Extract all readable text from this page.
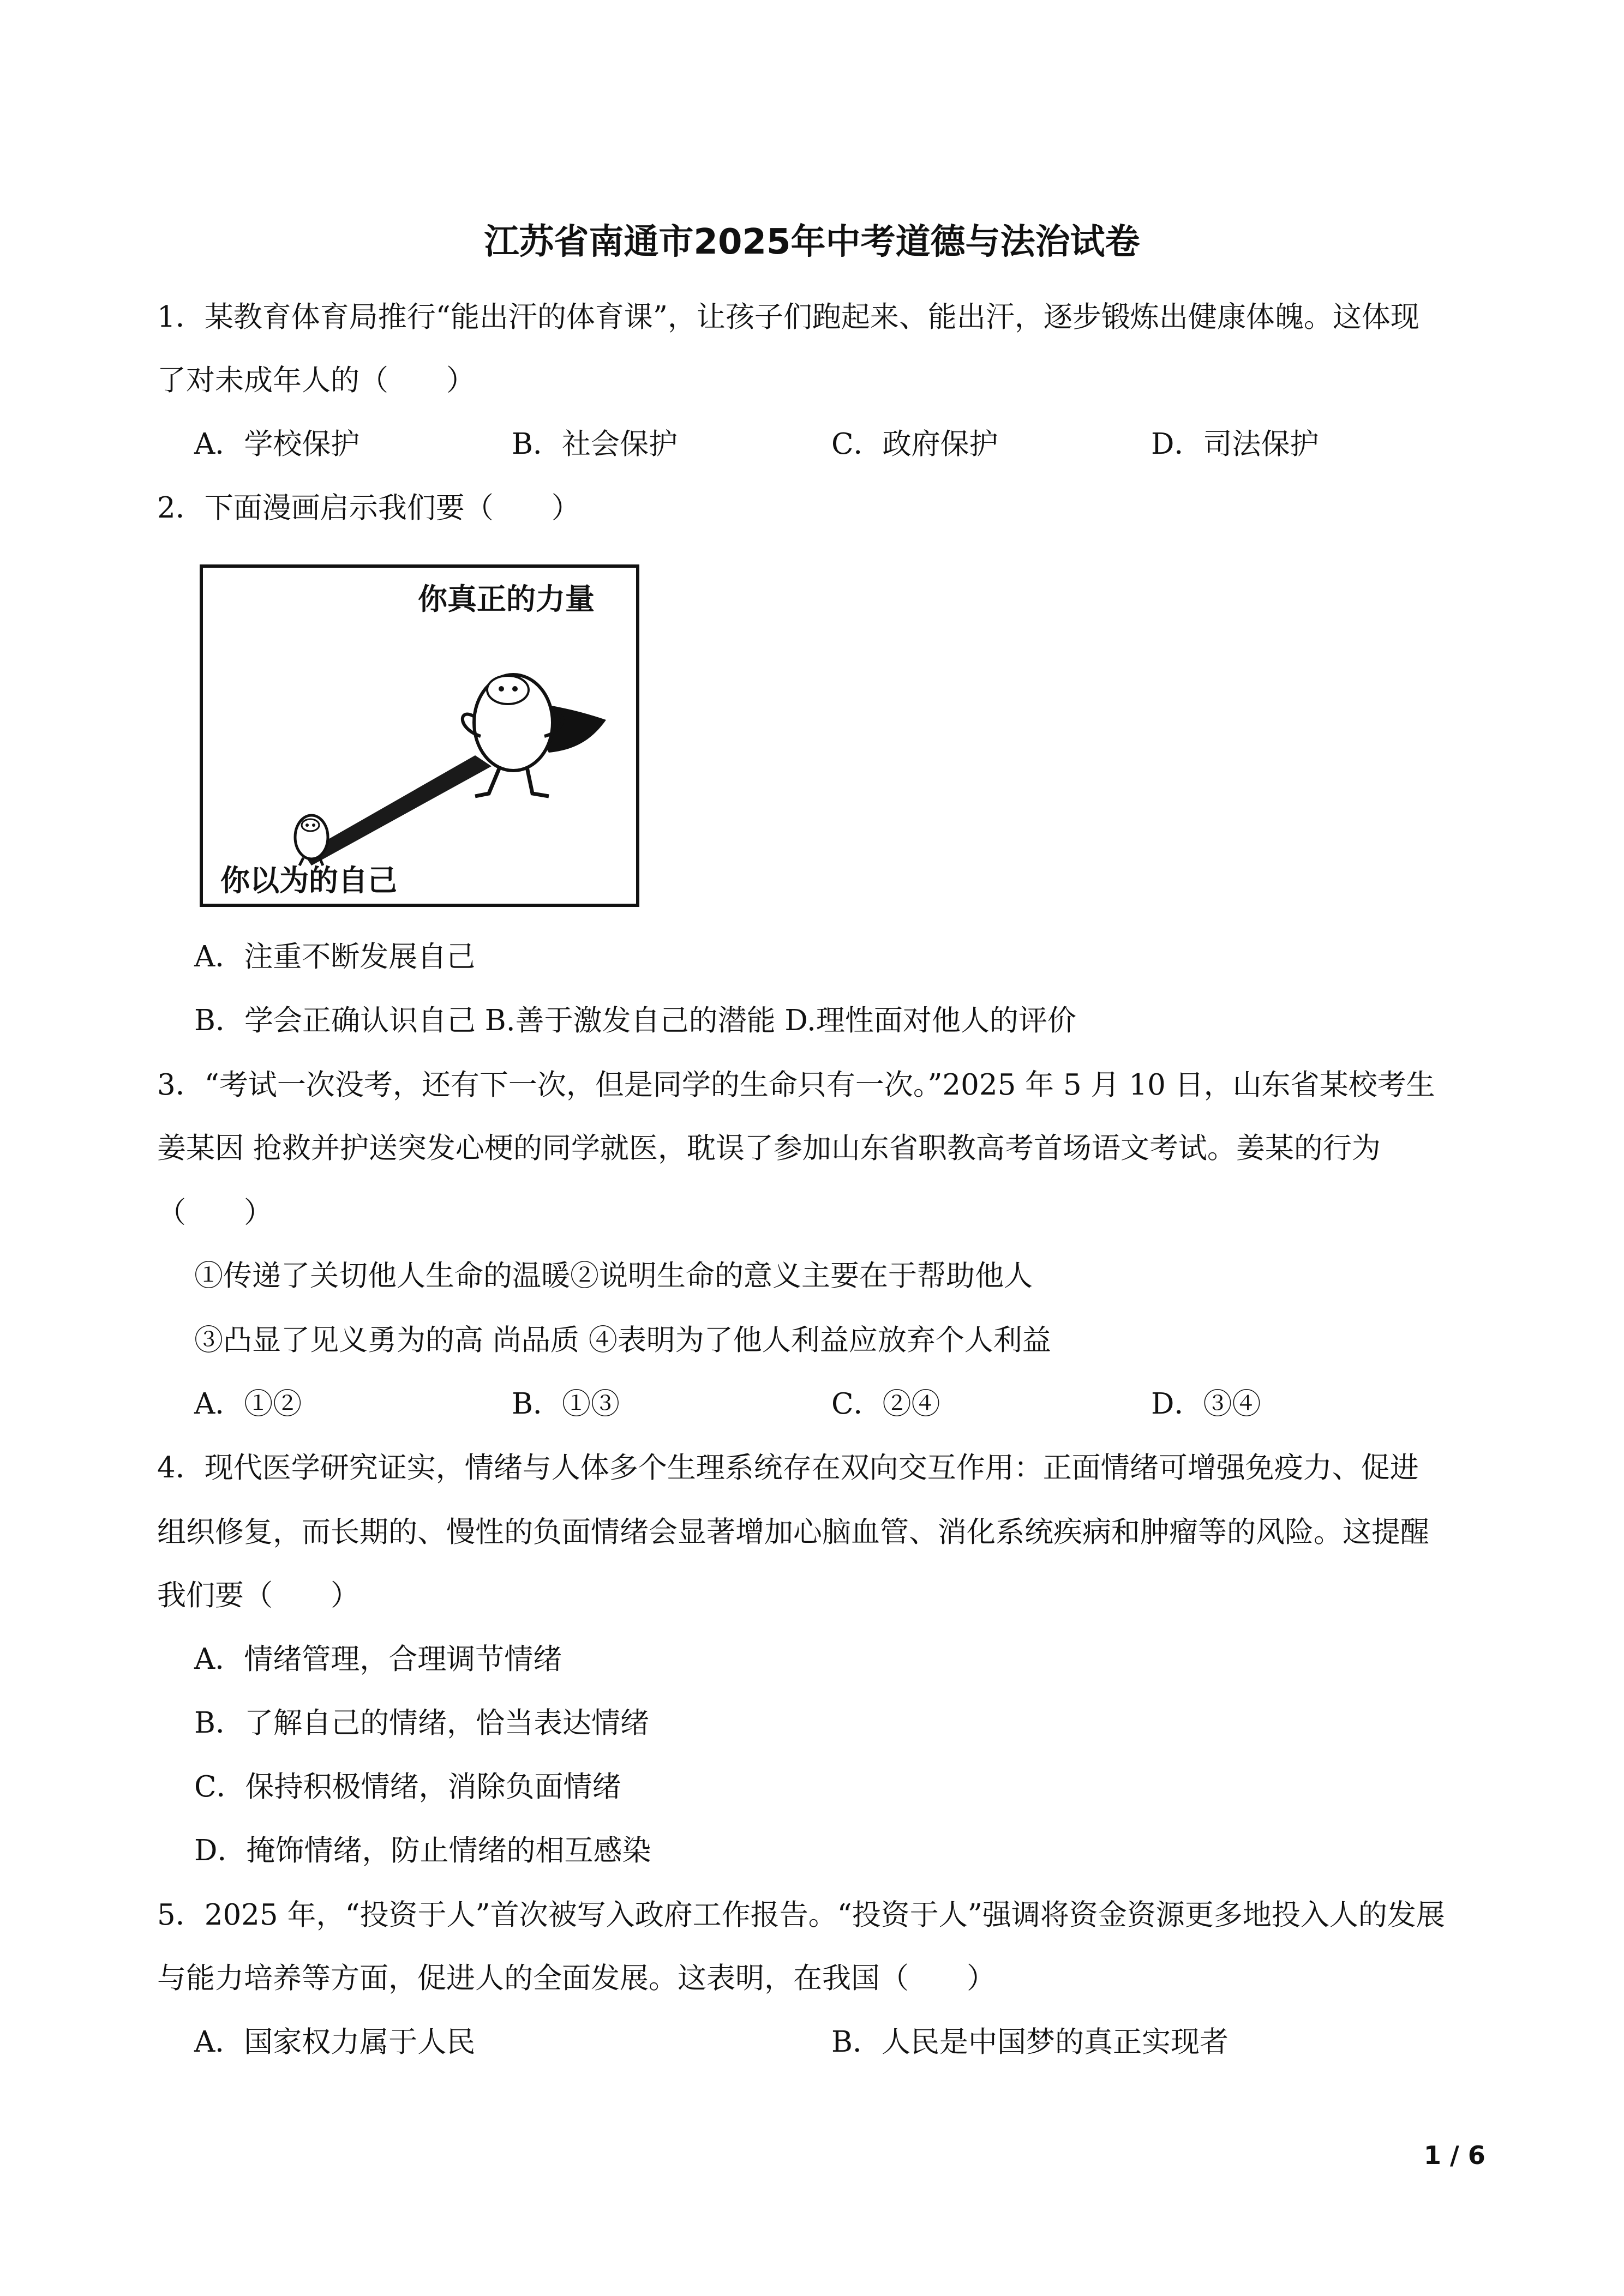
江苏省南通市2025年中考道德与法治试卷
1．某教育体育局推行“能出汗的体育课”，让孩子们跑起来、能出汗，逐步锻炼出健康体魄。这体现
了对未成年人的（　　）
A．学校保护	B．社会保护	C．政府保护	D．司法保护
2．下面漫画启示我们要（　　）
你真正的力量
你以为的自己
A．注重不断发展自己
B．学会正确认识自己 B.善于激发自己的潜能 D.理性面对他人的评价
3．“考试一次没考，还有下一次，但是同学的生命只有一次。”2025 年 5 月 10 日，山东省某校考生
姜某因 抢救并护送突发心梗的同学就医，耽误了参加山东省职教高考首场语文考试。姜某的行为
（　　）
①传递了关切他人生命的温暖②说明生命的意义主要在于帮助他人
③凸显了见义勇为的高 尚品质 ④表明为了他人利益应放弃个人利益
A．①②	B．①③	C．②④	D．③④
4．现代医学研究证实，情绪与人体多个生理系统存在双向交互作用：正面情绪可增强免疫力、促进
组织修复，而长期的、慢性的负面情绪会显著增加心脑血管、消化系统疾病和肿瘤等的风险。这提醒
我们要（　　）
A．情绪管理，合理调节情绪
B．了解自己的情绪，恰当表达情绪
C．保持积极情绪，消除负面情绪
D．掩饰情绪，防止情绪的相互感染
5．2025 年，“投资于人”首次被写入政府工作报告。“投资于人”强调将资金资源更多地投入人的发展
与能力培养等方面，促进人的全面发展。这表明，在我国（　　）
A．国家权力属于人民	B．人民是中国梦的真正实现者
1 / 6
